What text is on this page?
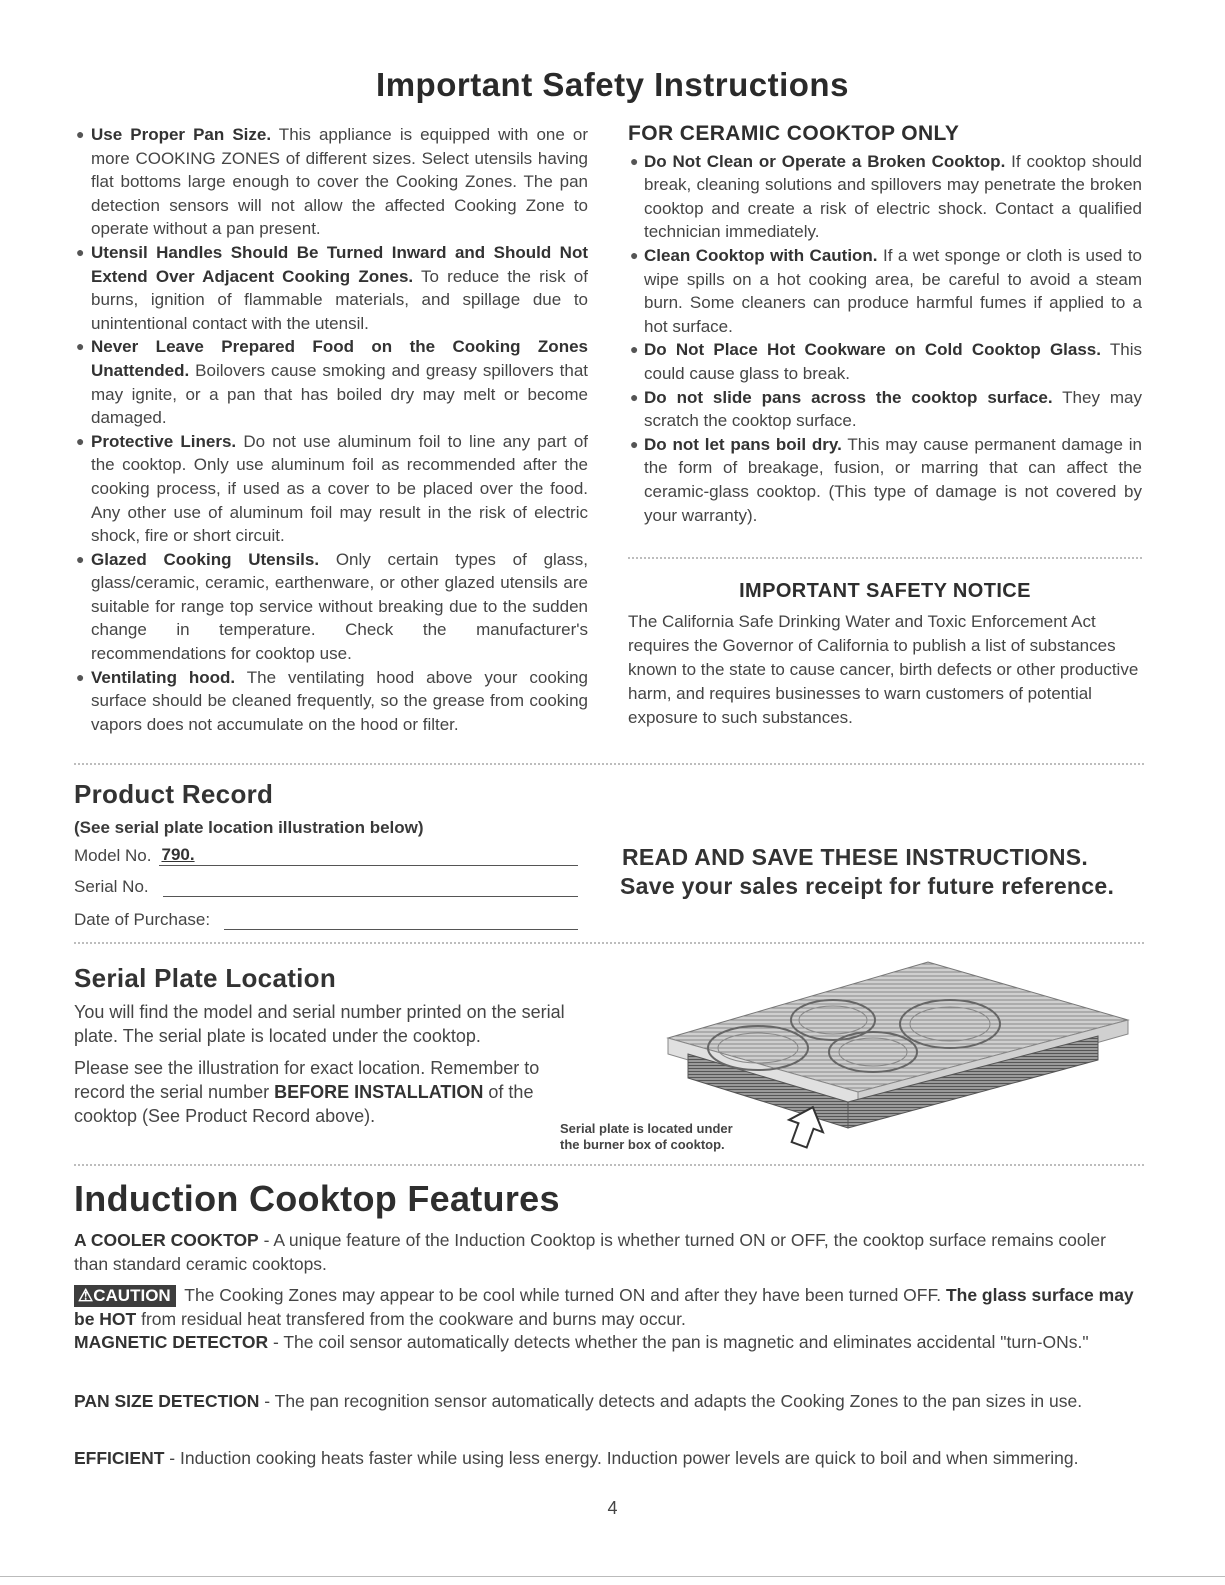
Important Safety Instructions
● Use Proper Pan Size. This appliance is equipped with one or more COOKING ZONES of different sizes. Select utensils having flat bottoms large enough to cover the Cooking Zones. The pan detection sensors will not allow the affected Cooking Zone to operate without a pan present.
● Utensil Handles Should Be Turned Inward and Should Not Extend Over Adjacent Cooking Zones. To reduce the risk of burns, ignition of flammable materials, and spillage due to unintentional contact with the utensil.
● Never Leave Prepared Food on the Cooking Zones Unattended. Boilovers cause smoking and greasy spillovers that may ignite, or a pan that has boiled dry may melt or become damaged.
● Protective Liners. Do not use aluminum foil to line any part of the cooktop. Only use aluminum foil as recommended after the cooking process, if used as a cover to be placed over the food. Any other use of aluminum foil may result in the risk of electric shock, fire or short circuit.
● Glazed Cooking Utensils. Only certain types of glass, glass/ceramic, ceramic, earthenware, or other glazed utensils are suitable for range top service without breaking due to the sudden change in temperature. Check the manufacturer's recommendations for cooktop use.
● Ventilating hood. The ventilating hood above your cooking surface should be cleaned frequently, so the grease from cooking vapors does not accumulate on the hood or filter.
FOR CERAMIC COOKTOP ONLY
● Do Not Clean or Operate a Broken Cooktop. If cooktop should break, cleaning solutions and spillovers may penetrate the broken cooktop and create a risk of electric shock. Contact a qualified technician immediately.
● Clean Cooktop with Caution. If a wet sponge or cloth is used to wipe spills on a hot cooking area, be careful to avoid a steam burn. Some cleaners can produce harmful fumes if applied to a hot surface.
● Do Not Place Hot Cookware on Cold Cooktop Glass. This could cause glass to break.
● Do not slide pans across the cooktop surface. They may scratch the cooktop surface.
● Do not let pans boil dry. This may cause permanent damage in the form of breakage, fusion, or marring that can affect the ceramic-glass cooktop. (This type of damage is not covered by your warranty).
IMPORTANT SAFETY NOTICE
The California Safe Drinking Water and Toxic Enforcement Act requires the Governor of California to publish a list of substances known to the state to cause cancer, birth defects or other productive harm, and requires businesses to warn customers of potential exposure to such substances.
Product Record
(See serial plate location illustration below)
Model No. 790.
Serial No.
Date of Purchase:
READ AND SAVE THESE INSTRUCTIONS.
Save your sales receipt for future reference.
Serial Plate Location
You will find the model and serial number printed on the serial plate. The serial plate is located under the cooktop.
Please see the illustration for exact location. Remember to record the serial number BEFORE INSTALLATION of the cooktop (See Product Record above).
Serial plate is located under
the burner box of cooktop.
Induction Cooktop Features
A COOLER COOKTOP - A unique feature of the Induction Cooktop is whether turned ON or OFF, the cooktop surface remains cooler than standard ceramic cooktops.
⚠CAUTION The Cooking Zones may appear to be cool while turned ON and after they have been turned OFF. The glass surface may be HOT from residual heat transfered from the cookware and burns may occur.
MAGNETIC DETECTOR - The coil sensor automatically detects whether the pan is magnetic and eliminates accidental "turn-ONs."
PAN SIZE DETECTION - The pan recognition sensor automatically detects and adapts the Cooking Zones to the pan sizes in use.
EFFICIENT - Induction cooking heats faster while using less energy. Induction power levels are quick to boil and when simmering.
4
